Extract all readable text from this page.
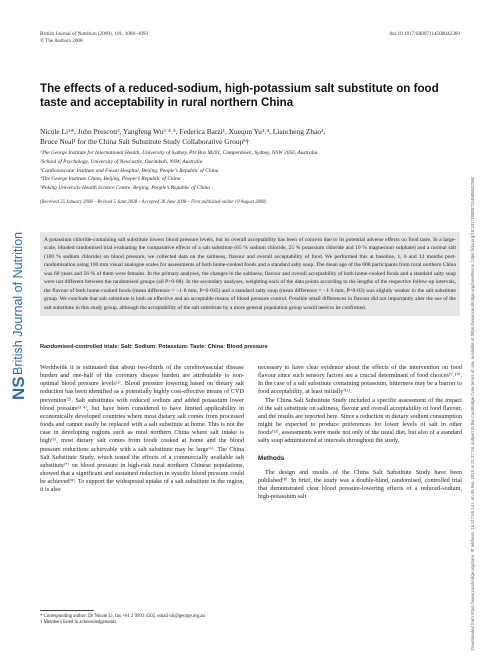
British Journal of Nutrition (2009), 101, 1088–1093
© The Authors 2008
doi:10.1017/S0007114508042360
The effects of a reduced-sodium, high-potassium salt substitute on food taste and acceptability in rural northern China
Nicole Li¹*, John Prescott², Yangfeng Wu³˒⁴˒⁵, Federica Barzi¹, Xuequn Yu³˒⁴, Liancheng Zhao³,
Bruce Neal¹ for the China Salt Substitute Study Collaborative Group⁵†
¹The George Institute for International Health, University of Sydney, PO Box M201, Camperdown, Sydney, NSW 2050, Australia
²School of Psychology, University of Newcastle, Ourimbah, NSW, Australia
³Cardiovascular Institute and Fuwai Hospital, Beijing, People’s Republic of China
⁴The George Institute China, Beijing, People’s Republic of China
⁵Peking University Health Science Centre, Beijing, People’s Republic of China
(Received 25 January 2008 – Revised 5 June 2008 – Accepted 28 June 2008 – First published online 19 August 2008)
A potassium chloride-containing salt substitute lowers blood pressure levels, but its overall acceptability has been of concern due to its potential adverse effects on food taste. In a large-scale, blinded randomised trial evaluating the comparative effects of a salt substitute (65 % sodium chloride, 25 % potassium chloride and 10 % magnesium sulphate) and a normal salt (100 % sodium chloride) on blood pressure, we collected data on the saltiness, flavour and overall acceptability of food. We performed this at baseline, 1, 6 and 12 months post-randomisation using 100 mm visual analogue scales for assessments of both home-cooked foods and a standard salty soup. The mean age of the 608 participants from rural northern China was 60 years and 56 % of them were females. In the primary analyses, the changes in the saltiness, flavour and overall acceptability of both home-cooked foods and a standard salty soup were not different between the randomised groups (all P>0·08). In the secondary analyses, weighting each of the data points according to the lengths of the respective follow-up intervals, the flavour of both home-cooked foods (mean difference = −1·8 mm, P=0·045) and a standard salty soup (mean difference = −1·9 mm, P=0·03) was slightly weaker in the salt substitute group. We conclude that salt substitute is both an effective and an acceptable means of blood pressure control. Possible small differences in flavour did not importantly alter the use of the salt substitute in this study group, although the acceptability of the salt substitute by a more general population group would need to be confirmed.
Randomised-controlled trials: Salt: Sodium: Potassium: Taste: China: Blood pressure

Worldwide it is estimated that about two-thirds of the cerebrovascular disease burden and one-half of the coronary disease burden are attributable to non-optimal blood pressure levels⁽¹⁾. Blood pressure lowering based on dietary salt reduction has been identified as a potentially highly cost-effective means of CVD prevention⁽²⁾. Salt substitutes with reduced sodium and added potassium lower blood pressure⁽³˒⁴⁾, but have been considered to have limited applicability in economically developed countries where most dietary salt comes from processed foods and cannot easily be replaced with a salt substitute at home. This is not the case in developing regions such as rural northern China where salt intake is high⁽⁵⁾, most dietary salt comes from foods cooked at home and the blood pressure reductions achievable with a salt substitute may be large⁽⁶⁾. The China Salt Substitute Study, which tested the effects of a commercially available salt substitute⁽⁷⁾ on blood pressure in high-risk rural northern Chinese populations, showed that a significant and sustained reduction in systolic blood pressure could be achieved⁽⁸⁾. To support the widespread uptake of a salt substitute in the region, it is also

necessary to have clear evidence about the effects of the intervention on food flavour since such sensory factors are a crucial determinant of food choices⁽⁹˒¹⁰⁾. In the case of a salt substitute containing potassium, bitterness may be a barrier to food acceptability, at least initially⁽¹¹⁾.

The China Salt Substitute Study included a specific assessment of the impact of the salt substitute on saltiness, flavour and overall acceptability of food flavour, and the results are reported here. Since a reduction in dietary sodium consumption might be expected to produce preferences for lower levels of salt in other foods⁽¹²⁾, assessments were made not only of the usual diet, but also of a standard salty soup administered at intervals throughout the study.

Methods

The design and results of the China Salt Substitute Study have been published⁽⁸⁾. In brief, the study was a double-blind, randomised, controlled trial that demonstrated clear blood pressure-lowering effects of a reduced-sodium, high-potassium salt

* Corresponding author: Dr Nicole Li, fax +61 2 9993 4502, email nli@george.org.au
† Members listed in acknowledgements.
NS
British Journal of Nutrition	Downloaded from https://www.cambridge.org/core. IP address: 18.117.69.141, on 06 Nov 2019 at 21:27:26, subject to the Cambridge Core terms of use, available at https://www.cambridge.org/core/terms. https://doi.org/10.1017/S0007114508042360
